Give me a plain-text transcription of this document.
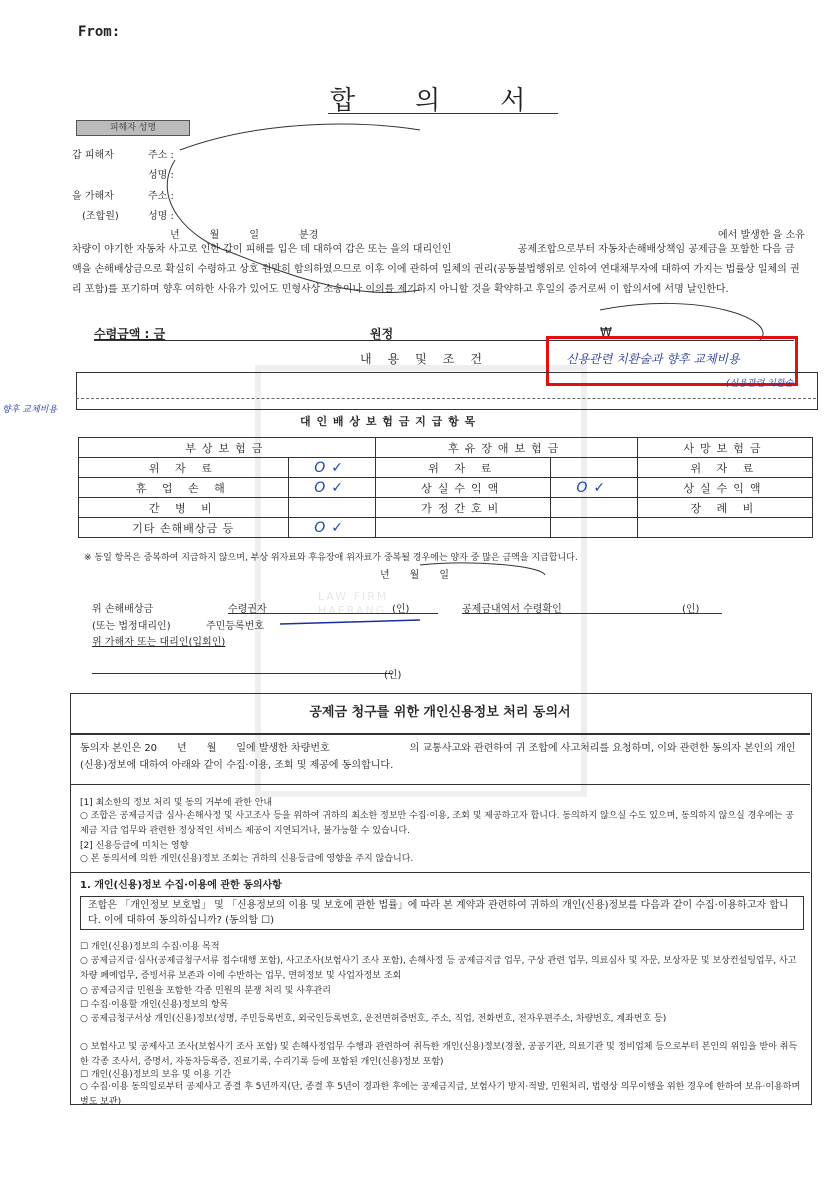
LAW FIRM
HAERANG
From:
합의서
피해자 성명
갑 피해자	주소 :
성명 :
을 가해자	주소 :
(조합원)	성명 :
년　　　월　　　일　　　　분경	에서 발생한 을 소유
차량이 야기한 자동차 사고로 인한 갑이 피해를 입은 데 대하여 갑은 또는 을의 대리인인 　　　　　　 공제조합으로부터 자동차손해배상책임 공제금을 포함한 다음 금액을 손해배상금으로 확실히 수령하고 상호 원만히 합의하였으므로 이후 이에 관하여 일체의 권리(공동불법행위로 인하여 연대채무자에 대하여 가지는 법률상 일체의 권리 포함)를 포기하며 향후 여하한 사유가 있어도 민형사상 소송이나 이의를 제기하지 아니할 것을 확약하고 후일의 증거로써 이 합의서에 서명 날인한다.
수령금액 : 금	원정	₩
내　용　및　조　건	신용관련 치환술과 향후 교체비용
(신용관련 치환술
향후 교체비용
대 인 배 상 보 험 금 지 급 항 목
부상보험금		후유장애보험금		사망보험금
위 자 료	O✓	위 자 료		위 자 료
휴 업 손 해	O✓	상실수익액	O✓	상실수익액
간 병 비		가정간호비		장 례 비
기타 손해배상금 등	O✓			
※ 동일 항목은 중복하여 지급하지 않으며, 부상 위자료와 후유장애 위자료가 중복될 경우에는 양자 중 많은 금액을 지급합니다.
년　　월　　일
위 손해배상금	수령권자	(인)	공제금내역서 수령확인	(인)
(또는 법정대리인)	주민등록번호
위 가해자 또는 대리인(입회인)
(인)
공제금 청구를 위한 개인신용정보 처리 동의서
동의자 본인은 20　　년　　월　　일에 발생한 차량번호　　　　　　　　의 교통사고와 관련하여 귀 조합에 사고처리를 요청하며, 이와 관련한 동의자 본인의 개인(신용)정보에 대하여 아래와 같이 수집·이용, 조회 및 제공에 동의합니다.
[1] 최소한의 정보 처리 및 동의 거부에 관한 안내
○ 조합은 공제금지급 심사·손해사정 및 사고조사 등을 위하여 귀하의 최소한 정보만 수집·이용, 조회 및 제공하고자 합니다. 동의하지 않으실 수도 있으며, 동의하지 않으실 경우에는 공제금 지급 업무와 관련한 정상적인 서비스 제공이 지연되거나, 불가능할 수 있습니다.
[2] 신용등급에 미치는 영향
○ 본 동의서에 의한 개인(신용)정보 조회는 귀하의 신용등급에 영향을 주지 않습니다.
1. 개인(신용)정보 수집·이용에 관한 동의사항
조합은 「개인정보 보호법」 및 「신용정보의 이용 및 보호에 관한 법률」에 따라 본 계약과 관련하여 귀하의 개인(신용)정보를 다음과 같이 수집·이용하고자 합니다. 이에 대하여 동의하십니까? (동의함 ☐)
☐ 개인(신용)정보의 수집·이용 목적
○ 공제금지급·심사(공제금청구서류 접수대행 포함), 사고조사(보험사기 조사 포함), 손해사정 등 공제금지급 업무, 구상 관련 업무, 의료심사 및 자문, 보상자문 및 보상컨설팅업무, 사고차량 폐예업무, 증빙서류 보존과 이에 수반하는 업무, 면허정보 및 사업자정보 조회
○ 공제금지급 민원을 포함한 각종 민원의 분쟁 처리 및 사후관리
☐ 수집·이용할 개인(신용)정보의 항목
○ 공제금청구서상 개인(신용)정보(성명, 주민등록번호, 외국인등록번호, 운전면허증번호, 주소, 직업, 전화번호, 전자우편주소, 차량번호, 계좌번호 등)
○ 보험사고 및 공제사고 조사(보험사기 조사 포함) 및 손해사정업무 수행과 관련하여 취득한 개인(신용)정보(경찰, 공공기관, 의료기관 및 정비업체 등으로부터 본인의 위임을 받아 취득한 각종 조사서, 증명서, 자동차등록증, 진료기록, 수리기록 등에 포함된 개인(신용)정보 포함)
☐ 개인(신용)정보의 보유 및 이용 기간
○ 수집·이용 동의일로부터 공제사고 종결 후 5년까지(단, 종결 후 5년이 경과한 후에는 공제금지급, 보험사기 방지·적발, 민원처리, 법령상 의무이행을 위한 경우에 한하여 보유·이용하며 별도 보관)
